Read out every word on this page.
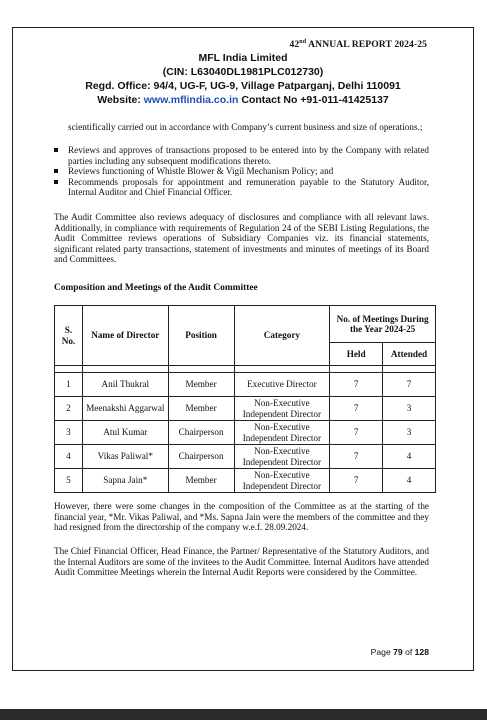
42nd ANNUAL REPORT 2024-25
MFL India Limited
(CIN: L63040DL1981PLC012730)
Regd. Office: 94/4, UG-F, UG-9, Village Patparganj, Delhi 110091
Website: www.mflindia.co.in Contact No +91-011-41425137
scientifically carried out in accordance with Company’s current business and size of operations.;
Reviews and approves of transactions proposed to be entered into by the Company with related parties including any subsequent modifications thereto.
Reviews functioning of Whistle Blower & Vigil Mechanism Policy; and
Recommends proposals for appointment and remuneration payable to the Statutory Auditor, Internal Auditor and Chief Financial Officer.
The Audit Committee also reviews adequacy of disclosures and compliance with all relevant laws. Additionally, in compliance with requirements of Regulation 24 of the SEBI Listing Regulations, the Audit Committee reviews operations of Subsidiary Companies viz. its financial statements, significant related party transactions, statement of investments and minutes of meetings of its Board and Committees.
Composition and Meetings of the Audit Committee
S. No.	Name of Director	Position	Category	No. of Meetings During the Year 2024-25	
				Held	Attended

1	Anil Thukral	Member	Executive Director	7	7
2	Meenakshi Aggarwal	Member	Non-Executive Independent Director	7	3
3	Atul Kumar	Chairperson	Non-Executive Independent Director	7	3
4	Vikas Paliwal*	Chairperson	Non-Executive Independent Director	7	4
5	Sapna Jain*	Member	Non-Executive Independent Director	7	4
However, there were some changes in the composition of the Committee as at the starting of the financial year, *Mr. Vikas Paliwal, and *Ms. Sapna Jain were the members of the committee and they had resigned from the directorship of the company w.e.f. 28.09.2024.
The Chief Financial Officer, Head Finance, the Partner/ Representative of the Statutory Auditors, and the Internal Auditors are some of the invitees to the Audit Committee. Internal Auditors have attended Audit Committee Meetings wherein the Internal Audit Reports were considered by the Committee.
Page 79 of 128
